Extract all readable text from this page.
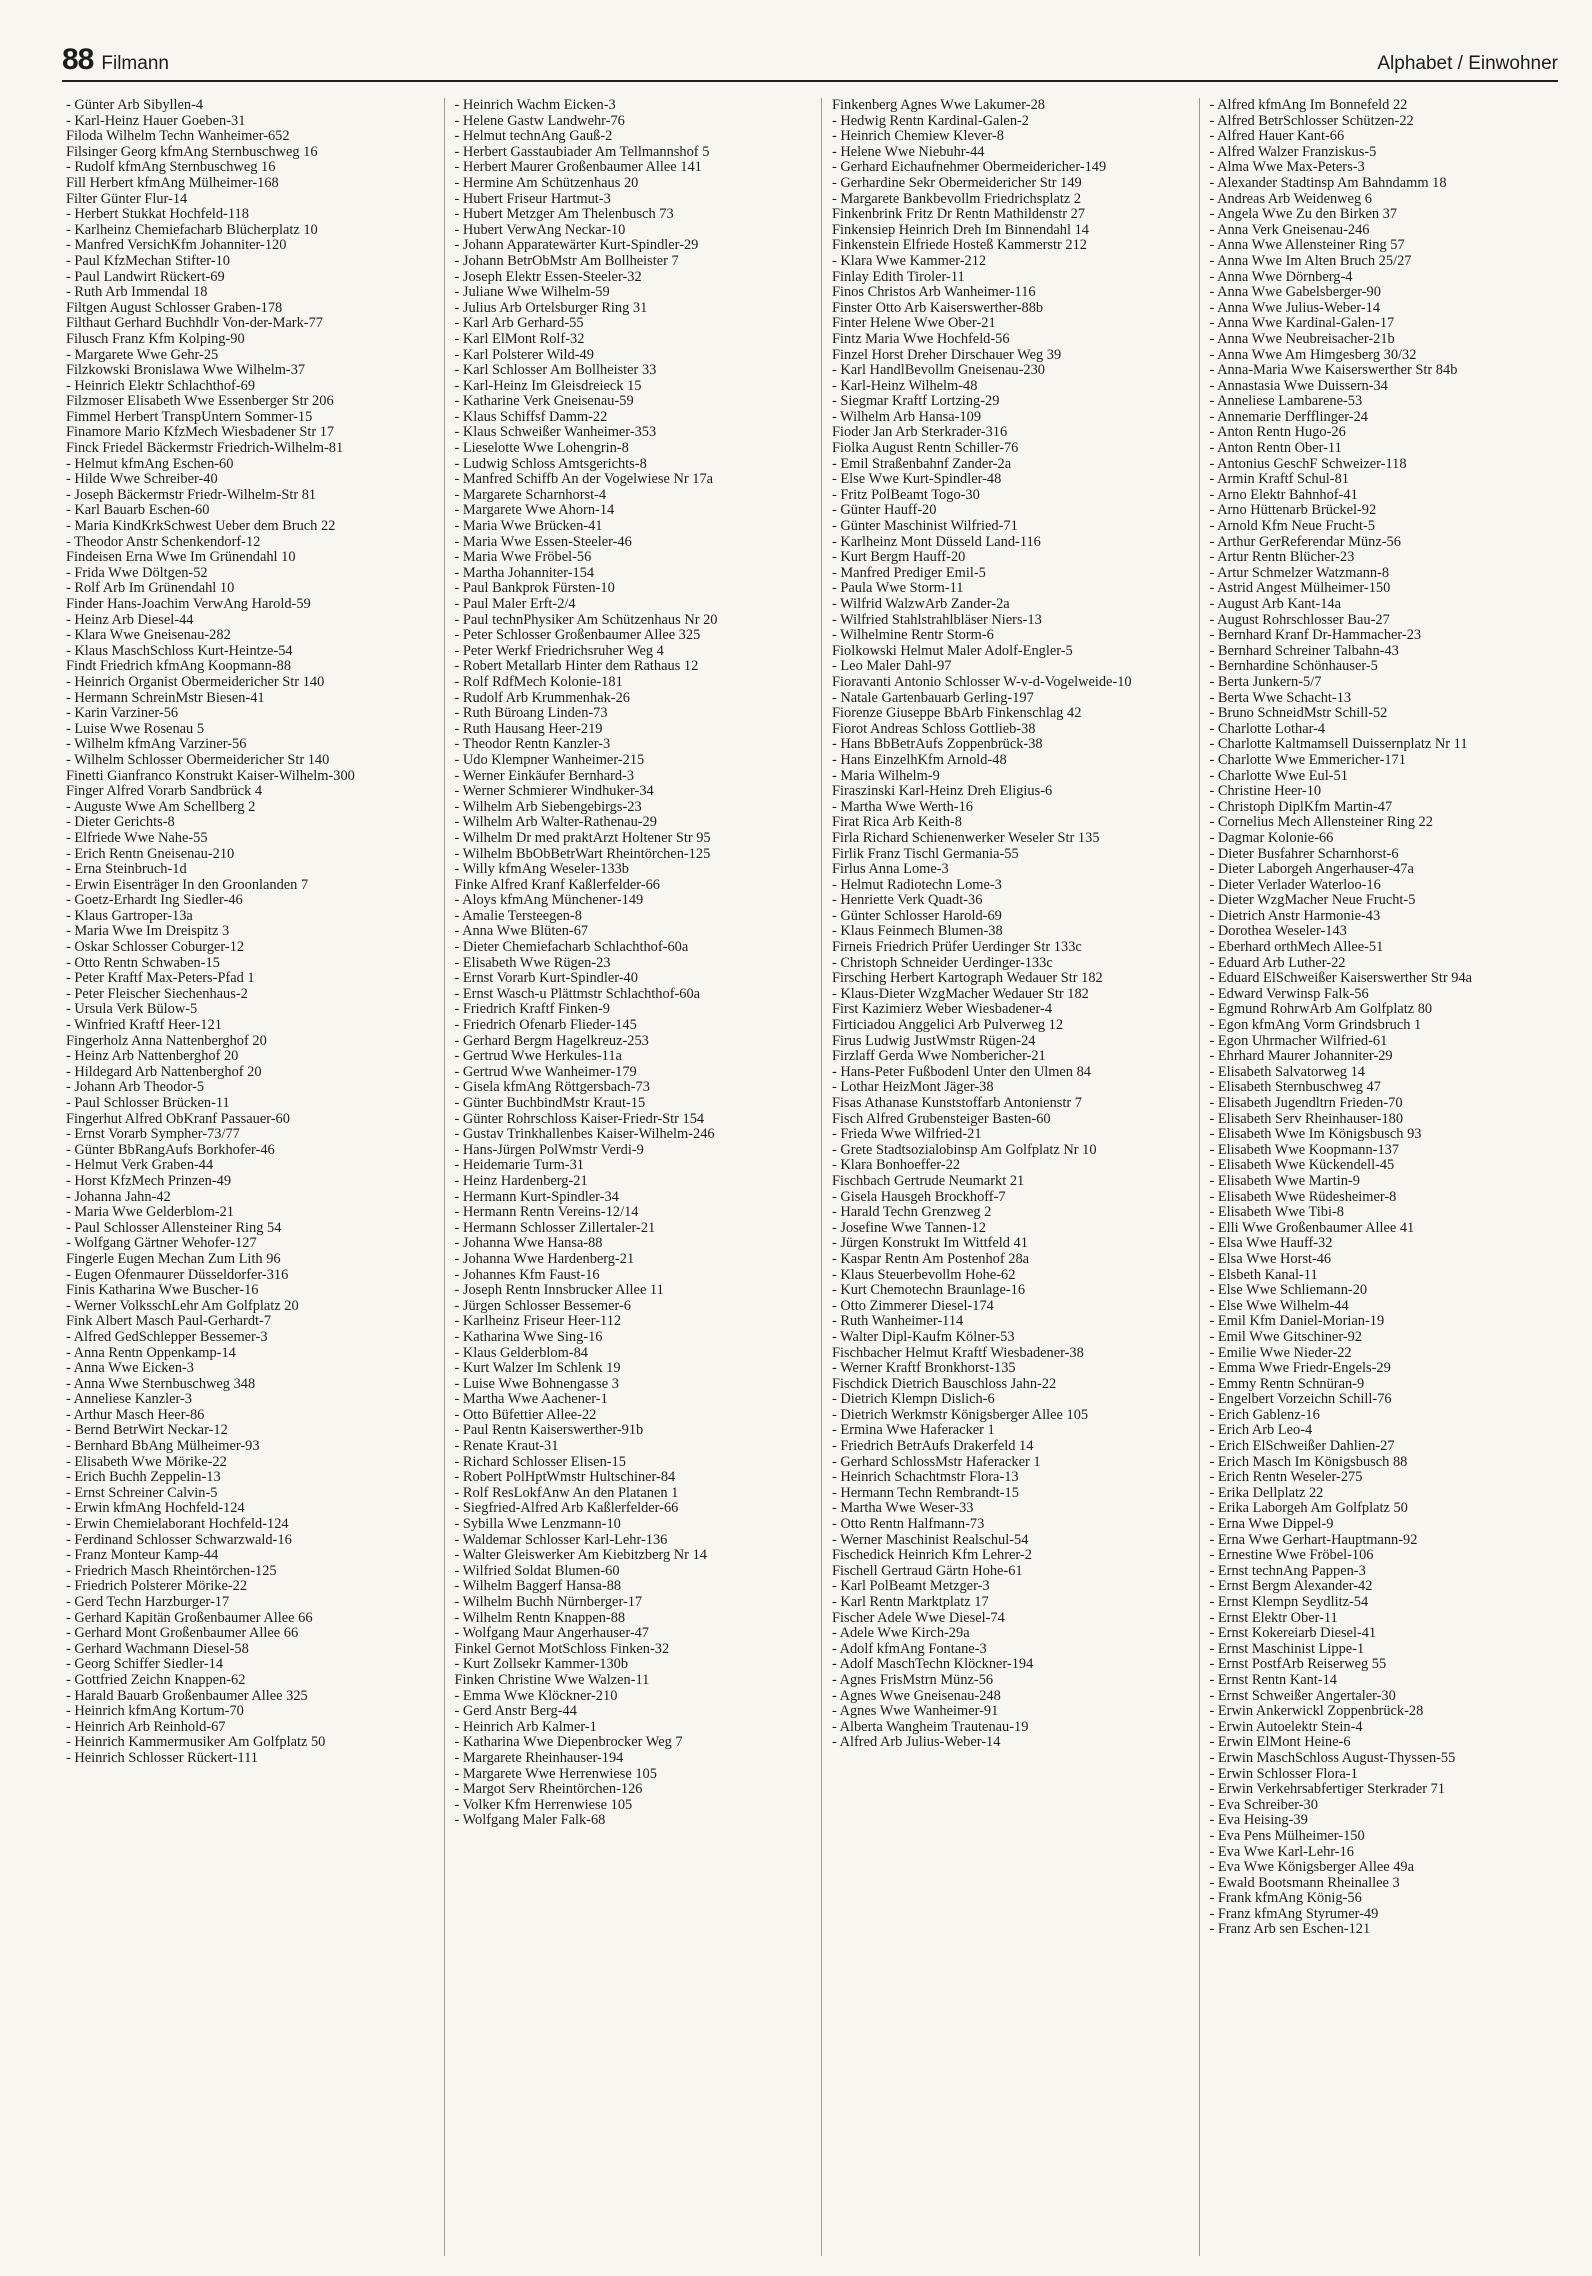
88 Filmann	Alphabet / Einwohner
- Günter Arb Sibyllen-4
- Karl-Heinz Hauer Goeben-31
Filoda Wilhelm Techn Wanheimer-652
Filsinger Georg kfmAng Sternbuschweg 16
- Rudolf kfmAng Sternbuschweg 16
Fill Herbert kfmAng Mülheimer-168
Filter Günter Flur-14
- Herbert Stukkat Hochfeld-118
- Karlheinz Chemiefacharb Blücherplatz 10
- Manfred VersichKfm Johanniter-120
- Paul KfzMechan Stifter-10
- Paul Landwirt Rückert-69
- Ruth Arb Immendal 18
Filtgen August Schlosser Graben-178
Filthaut Gerhard Buchhdlr Von-der-Mark-77
Filusch Franz Kfm Kolping-90
- Margarete Wwe Gehr-25
Filzkowski Bronislawa Wwe Wilhelm-37
- Heinrich Elektr Schlachthof-69
Filzmoser Elisabeth Wwe Essenberger Str 206
Fimmel Herbert TranspUntern Sommer-15
Finamore Mario KfzMech Wiesbadener Str 17
Finck Friedel Bäckermstr Friedrich-Wilhelm-81
- Helmut kfmAng Eschen-60
- Hilde Wwe Schreiber-40
- Joseph Bäckermstr Friedr-Wilhelm-Str 81
- Karl Bauarb Eschen-60
- Maria KindKrkSchwest Ueber dem Bruch 22
- Theodor Anstr Schenkendorf-12
Findeisen Erna Wwe Im Grünendahl 10
- Frida Wwe Döltgen-52
- Rolf Arb Im Grünendahl 10
Finder Hans-Joachim VerwAng Harold-59
- Heinz Arb Diesel-44
- Klara Wwe Gneisenau-282
- Klaus MaschSchloss Kurt-Heintze-54
Findt Friedrich kfmAng Koopmann-88
- Heinrich Organist Obermeidericher Str 140
- Hermann SchreinMstr Biesen-41
- Karin Varziner-56
- Luise Wwe Rosenau 5
- Wilhelm kfmAng Varziner-56
- Wilhelm Schlosser Obermeidericher Str 140
Finetti Gianfranco Konstrukt Kaiser-Wilhelm-300
Finger Alfred Vorarb Sandbrück 4
- Auguste Wwe Am Schellberg 2
- Dieter Gerichts-8
- Elfriede Wwe Nahe-55
- Erich Rentn Gneisenau-210
- Erna Steinbruch-1d
- Erwin Eisenträger In den Groonlanden 7
- Goetz-Erhardt Ing Siedler-46
- Klaus Gartroper-13a
- Maria Wwe Im Dreispitz 3
- Oskar Schlosser Coburger-12
- Otto Rentn Schwaben-15
- Peter Kraftf Max-Peters-Pfad 1
- Peter Fleischer Siechenhaus-2
- Ursula Verk Bülow-5
- Winfried Kraftf Heer-121
Fingerholz Anna Nattenberghof 20
- Heinz Arb Nattenberghof 20
- Hildegard Arb Nattenberghof 20
- Johann Arb Theodor-5
- Paul Schlosser Brücken-11
Fingerhut Alfred ObKranf Passauer-60
- Ernst Vorarb Sympher-73/77
- Günter BbRangAufs Borkhofer-46
- Helmut Verk Graben-44
- Horst KfzMech Prinzen-49
- Johanna Jahn-42
- Maria Wwe Gelderblom-21
- Paul Schlosser Allensteiner Ring 54
- Wolfgang Gärtner Wehofer-127
Fingerle Eugen Mechan Zum Lith 96
- Eugen Ofenmaurer Düsseldorfer-316
Finis Katharina Wwe Buscher-16
- Werner VolksschLehr Am Golfplatz 20
Fink Albert Masch Paul-Gerhardt-7
- Alfred GedSchlepper Bessemer-3
- Anna Rentn Oppenkamp-14
- Anna Wwe Eicken-3
- Anna Wwe Sternbuschweg 348
- Anneliese Kanzler-3
- Arthur Masch Heer-86
- Bernd BetrWirt Neckar-12
- Bernhard BbAng Mülheimer-93
- Elisabeth Wwe Mörike-22
- Erich Buchh Zeppelin-13
- Ernst Schreiner Calvin-5
- Erwin kfmAng Hochfeld-124
- Erwin Chemielaborant Hochfeld-124
- Ferdinand Schlosser Schwarzwald-16
- Franz Monteur Kamp-44
- Friedrich Masch Rheintörchen-125
- Friedrich Polsterer Mörike-22
- Gerd Techn Harzburger-17
- Gerhard Kapitän Großenbaumer Allee 66
- Gerhard Mont Großenbaumer Allee 66
- Gerhard Wachmann Diesel-58
- Georg Schiffer Siedler-14
- Gottfried Zeichn Knappen-62
- Harald Bauarb Großenbaumer Allee 325
- Heinrich kfmAng Kortum-70
- Heinrich Arb Reinhold-67
- Heinrich Kammermusiker Am Golfplatz 50
- Heinrich Schlosser Rückert-111
- Heinrich Wachm Eicken-3
- Helene Gastw Landwehr-76
- Helmut technAng Gauß-2
- Herbert Gasstaubiader Am Tellmannshof 5
- Herbert Maurer Großenbaumer Allee 141
- Hermine Am Schützenhaus 20
- Hubert Friseur Hartmut-3
- Hubert Metzger Am Thelenbusch 73
- Hubert VerwAng Neckar-10
- Johann Apparatewärter Kurt-Spindler-29
- Johann BetrObMstr Am Bollheister 7
- Joseph Elektr Essen-Steeler-32
- Juliane Wwe Wilhelm-59
- Julius Arb Ortelsburger Ring 31
- Karl Arb Gerhard-55
- Karl ElMont Rolf-32
- Karl Polsterer Wild-49
- Karl Schlosser Am Bollheister 33
- Karl-Heinz Im Gleisdreieck 15
- Katharine Verk Gneisenau-59
- Klaus Schiffsf Damm-22
- Klaus Schweißer Wanheimer-353
- Lieselotte Wwe Lohengrin-8
- Ludwig Schloss Amtsgerichts-8
- Manfred Schiffb An der Vogelwiese Nr 17a
- Margarete Scharnhorst-4
- Margarete Wwe Ahorn-14
- Maria Wwe Brücken-41
- Maria Wwe Essen-Steeler-46
- Maria Wwe Fröbel-56
- Martha Johanniter-154
- Paul Bankprok Fürsten-10
- Paul Maler Erft-2/4
- Paul technPhysiker Am Schützenhaus Nr 20
- Peter Schlosser Großenbaumer Allee 325
- Peter Werkf Friedrichsruher Weg 4
- Robert Metallarb Hinter dem Rathaus 12
- Rolf RdfMech Kolonie-181
- Rudolf Arb Krummenhak-26
- Ruth Büroang Linden-73
- Ruth Hausang Heer-219
- Theodor Rentn Kanzler-3
- Udo Klempner Wanheimer-215
- Werner Einkäufer Bernhard-3
- Werner Schmierer Windhuker-34
- Wilhelm Arb Siebengebirgs-23
- Wilhelm Arb Walter-Rathenau-29
- Wilhelm Dr med praktArzt Holtener Str 95
- Wilhelm BbObBetrWart Rheintörchen-125
- Willy kfmAng Weseler-133b
Finke Alfred Kranf Kaßlerfelder-66
- Aloys kfmAng Münchener-149
- Amalie Tersteegen-8
- Anna Wwe Blüten-67
- Dieter Chemiefacharb Schlachthof-60a
- Elisabeth Wwe Rügen-23
- Ernst Vorarb Kurt-Spindler-40
- Ernst Wasch-u Plättmstr Schlachthof-60a
- Friedrich Kraftf Finken-9
- Friedrich Ofenarb Flieder-145
- Gerhard Bergm Hagelkreuz-253
- Gertrud Wwe Herkules-11a
- Gertrud Wwe Wanheimer-179
- Gisela kfmAng Röttgersbach-73
- Günter BuchbindMstr Kraut-15
- Günter Rohrschloss Kaiser-Friedr-Str 154
- Gustav Trinkhallenbes Kaiser-Wilhelm-246
- Hans-Jürgen PolWmstr Verdi-9
- Heidemarie Turm-31
- Heinz Hardenberg-21
- Hermann Kurt-Spindler-34
- Hermann Rentn Vereins-12/14
- Hermann Schlosser Zillertaler-21
- Johanna Wwe Hansa-88
- Johanna Wwe Hardenberg-21
- Johannes Kfm Faust-16
- Joseph Rentn Innsbrucker Allee 11
- Jürgen Schlosser Bessemer-6
- Karlheinz Friseur Heer-112
- Katharina Wwe Sing-16
- Klaus Gelderblom-84
- Kurt Walzer Im Schlenk 19
- Luise Wwe Bohnengasse 3
- Martha Wwe Aachener-1
- Otto Büfettier Allee-22
- Paul Rentn Kaiserswerther-91b
- Renate Kraut-31
- Richard Schlosser Elisen-15
- Robert PolHptWmstr Hultschiner-84
- Rolf ResLokfAnw An den Platanen 1
- Siegfried-Alfred Arb Kaßlerfelder-66
- Sybilla Wwe Lenzmann-10
- Waldemar Schlosser Karl-Lehr-136
- Walter Gleiswerker Am Kiebitzberg Nr 14
- Wilfried Soldat Blumen-60
- Wilhelm Baggerf Hansa-88
- Wilhelm Buchh Nürnberger-17
- Wilhelm Rentn Knappen-88
- Wolfgang Maur Angerhauser-47
Finkel Gernot MotSchloss Finken-32
- Kurt Zollsekr Kammer-130b
Finken Christine Wwe Walzen-11
- Emma Wwe Klöckner-210
- Gerd Anstr Berg-44
- Heinrich Arb Kalmer-1
- Katharina Wwe Diepenbrocker Weg 7
- Margarete Rheinhauser-194
- Margarete Wwe Herrenwiese 105
- Margot Serv Rheintörchen-126
- Volker Kfm Herrenwiese 105
- Wolfgang Maler Falk-68
Finkenberg Agnes Wwe Lakumer-28
- Hedwig Rentn Kardinal-Galen-2
- Heinrich Chemiew Klever-8
- Helene Wwe Niebuhr-44
- Gerhard Eichaufnehmer Obermeidericher-149
- Gerhardine Sekr Obermeidericher Str 149
- Margarete Bankbevollm Friedrichsplatz 2
Finkenbrink Fritz Dr Rentn Mathildenstr 27
Finkensiep Heinrich Dreh Im Binnendahl 14
Finkenstein Elfriede Hosteß Kammerstr 212
- Klara Wwe Kammer-212
Finlay Edith Tiroler-11
Finos Christos Arb Wanheimer-116
Finster Otto Arb Kaiserswerther-88b
Finter Helene Wwe Ober-21
Fintz Maria Wwe Hochfeld-56
Finzel Horst Dreher Dirschauer Weg 39
- Karl HandlBevollm Gneisenau-230
- Karl-Heinz Wilhelm-48
- Siegmar Kraftf Lortzing-29
- Wilhelm Arb Hansa-109
Fioder Jan Arb Sterkrader-316
Fiolka August Rentn Schiller-76
- Emil Straßenbahnf Zander-2a
- Else Wwe Kurt-Spindler-48
- Fritz PolBeamt Togo-30
- Günter Hauff-20
- Günter Maschinist Wilfried-71
- Karlheinz Mont Düsseld Land-116
- Kurt Bergm Hauff-20
- Manfred Prediger Emil-5
- Paula Wwe Storm-11
- Wilfrid WalzwArb Zander-2a
- Wilfried Stahlstrahlbläser Niers-13
- Wilhelmine Rentr Storm-6
Fiolkowski Helmut Maler Adolf-Engler-5
- Leo Maler Dahl-97
Fioravanti Antonio Schlosser W-v-d-Vogelweide-10
- Natale Gartenbauarb Gerling-197
Fiorenze Giuseppe BbArb Finkenschlag 42
Fiorot Andreas Schloss Gottlieb-38
- Hans BbBetrAufs Zoppenbrück-38
- Hans EinzelhKfm Arnold-48
- Maria Wilhelm-9
Firaszinski Karl-Heinz Dreh Eligius-6
- Martha Wwe Werth-16
Firat Rica Arb Keith-8
Firla Richard Schienenwerker Weseler Str 135
Firlik Franz Tischl Germania-55
Firlus Anna Lome-3
- Helmut Radiotechn Lome-3
- Henriette Verk Quadt-36
- Günter Schlosser Harold-69
- Klaus Feinmech Blumen-38
Firneis Friedrich Prüfer Uerdinger Str 133c
- Christoph Schneider Uerdinger-133c
Firsching Herbert Kartograph Wedauer Str 182
- Klaus-Dieter WzgMacher Wedauer Str 182
First Kazimierz Weber Wiesbadener-4
Firticiadou Anggelici Arb Pulverweg 12
Firus Ludwig JustWmstr Rügen-24
Firzlaff Gerda Wwe Nombericher-21
- Hans-Peter Fußbodenl Unter den Ulmen 84
- Lothar HeizMont Jäger-38
Fisas Athanase Kunststoffarb Antonienstr 7
Fisch Alfred Grubensteiger Basten-60
- Frieda Wwe Wilfried-21
- Grete Stadtsozialobinsp Am Golfplatz Nr 10
- Klara Bonhoeffer-22
Fischbach Gertrude Neumarkt 21
- Gisela Hausgeh Brockhoff-7
- Harald Techn Grenzweg 2
- Josefine Wwe Tannen-12
- Jürgen Konstrukt Im Wittfeld 41
- Kaspar Rentn Am Postenhof 28a
- Klaus Steuerbevollm Hohe-62
- Kurt Chemotechn Braunlage-16
- Otto Zimmerer Diesel-174
- Ruth Wanheimer-114
- Walter Dipl-Kaufm Kölner-53
Fischbacher Helmut Kraftf Wiesbadener-38
- Werner Kraftf Bronkhorst-135
Fischdick Dietrich Bauschloss Jahn-22
- Dietrich Klempn Dislich-6
- Dietrich Werkmstr Königsberger Allee 105
- Ermina Wwe Haferacker 1
- Friedrich BetrAufs Drakerfeld 14
- Gerhard SchlossMstr Haferacker 1
- Heinrich Schachtmstr Flora-13
- Hermann Techn Rembrandt-15
- Martha Wwe Weser-33
- Otto Rentn Halfmann-73
- Werner Maschinist Realschul-54
Fischedick Heinrich Kfm Lehrer-2
Fischell Gertraud Gärtn Hohe-61
- Karl PolBeamt Metzger-3
- Karl Rentn Marktplatz 17
Fischer Adele Wwe Diesel-74
- Adele Wwe Kirch-29a
- Adolf kfmAng Fontane-3
- Adolf MaschTechn Klöckner-194
- Agnes FrisMstrn Münz-56
- Agnes Wwe Gneisenau-248
- Agnes Wwe Wanheimer-91
- Alberta Wangheim Trautenau-19
- Alfred Arb Julius-Weber-14
- Alfred kfmAng Im Bonnefeld 22
- Alfred BetrSchlosser Schützen-22
- Alfred Hauer Kant-66
- Alfred Walzer Franziskus-5
- Alma Wwe Max-Peters-3
- Alexander Stadtinsp Am Bahndamm 18
- Andreas Arb Weidenweg 6
- Angela Wwe Zu den Birken 37
- Anna Verk Gneisenau-246
- Anna Wwe Allensteiner Ring 57
- Anna Wwe Im Alten Bruch 25/27
- Anna Wwe Dörnberg-4
- Anna Wwe Gabelsberger-90
- Anna Wwe Julius-Weber-14
- Anna Wwe Kardinal-Galen-17
- Anna Wwe Neubreisacher-21b
- Anna Wwe Am Himgesberg 30/32
- Anna-Maria Wwe Kaiserswerther Str 84b
- Annastasia Wwe Duissern-34
- Anneliese Lambarene-53
- Annemarie Derfflinger-24
- Anton Rentn Hugo-26
- Anton Rentn Ober-11
- Antonius GeschF Schweizer-118
- Armin Kraftf Schul-81
- Arno Elektr Bahnhof-41
- Arno Hüttenarb Brückel-92
- Arnold Kfm Neue Frucht-5
- Arthur GerReferendar Münz-56
- Artur Rentn Blücher-23
- Artur Schmelzer Watzmann-8
- Astrid Angest Mülheimer-150
- August Arb Kant-14a
- August Rohrschlosser Bau-27
- Bernhard Kranf Dr-Hammacher-23
- Bernhard Schreiner Talbahn-43
- Bernhardine Schönhauser-5
- Berta Junkern-5/7
- Berta Wwe Schacht-13
- Bruno SchneidMstr Schill-52
- Charlotte Lothar-4
- Charlotte Kaltmamsell Duissernplatz Nr 11
- Charlotte Wwe Emmericher-171
- Charlotte Wwe Eul-51
- Christine Heer-10
- Christoph DiplKfm Martin-47
- Cornelius Mech Allensteiner Ring 22
- Dagmar Kolonie-66
- Dieter Busfahrer Scharnhorst-6
- Dieter Laborgeh Angerhauser-47a
- Dieter Verlader Waterloo-16
- Dieter WzgMacher Neue Frucht-5
- Dietrich Anstr Harmonie-43
- Dorothea Weseler-143
- Eberhard orthMech Allee-51
- Eduard Arb Luther-22
- Eduard ElSchweißer Kaiserswerther Str 94a
- Edward Verwinsp Falk-56
- Egmund RohrwArb Am Golfplatz 80
- Egon kfmAng Vorm Grindsbruch 1
- Egon Uhrmacher Wilfried-61
- Ehrhard Maurer Johanniter-29
- Elisabeth Salvatorweg 14
- Elisabeth Sternbuschweg 47
- Elisabeth Jugendltrn Frieden-70
- Elisabeth Serv Rheinhauser-180
- Elisabeth Wwe Im Königsbusch 93
- Elisabeth Wwe Koopmann-137
- Elisabeth Wwe Kückendell-45
- Elisabeth Wwe Martin-9
- Elisabeth Wwe Rüdesheimer-8
- Elisabeth Wwe Tibi-8
- Elli Wwe Großenbaumer Allee 41
- Elsa Wwe Hauff-32
- Elsa Wwe Horst-46
- Elsbeth Kanal-11
- Else Wwe Schliemann-20
- Else Wwe Wilhelm-44
- Emil Kfm Daniel-Morian-19
- Emil Wwe Gitschiner-92
- Emilie Wwe Nieder-22
- Emma Wwe Friedr-Engels-29
- Emmy Rentn Schnüran-9
- Engelbert Vorzeichn Schill-76
- Erich Gablenz-16
- Erich Arb Leo-4
- Erich ElSchweißer Dahlien-27
- Erich Masch Im Königsbusch 88
- Erich Rentn Weseler-275
- Erika Dellplatz 22
- Erika Laborgeh Am Golfplatz 50
- Erna Wwe Dippel-9
- Erna Wwe Gerhart-Hauptmann-92
- Ernestine Wwe Fröbel-106
- Ernst technAng Pappen-3
- Ernst Bergm Alexander-42
- Ernst Klempn Seydlitz-54
- Ernst Elektr Ober-11
- Ernst Kokereiarb Diesel-41
- Ernst Maschinist Lippe-1
- Ernst PostfArb Reiserweg 55
- Ernst Rentn Kant-14
- Ernst Schweißer Angertaler-30
- Erwin Ankerwickl Zoppenbrück-28
- Erwin Autoelektr Stein-4
- Erwin ElMont Heine-6
- Erwin MaschSchloss August-Thyssen-55
- Erwin Schlosser Flora-1
- Erwin Verkehrsabfertiger Sterkrader 71
- Eva Schreiber-30
- Eva Heising-39
- Eva Pens Mülheimer-150
- Eva Wwe Karl-Lehr-16
- Eva Wwe Königsberger Allee 49a
- Ewald Bootsmann Rheinallee 3
- Frank kfmAng König-56
- Franz kfmAng Styrumer-49
- Franz Arb sen Eschen-121
